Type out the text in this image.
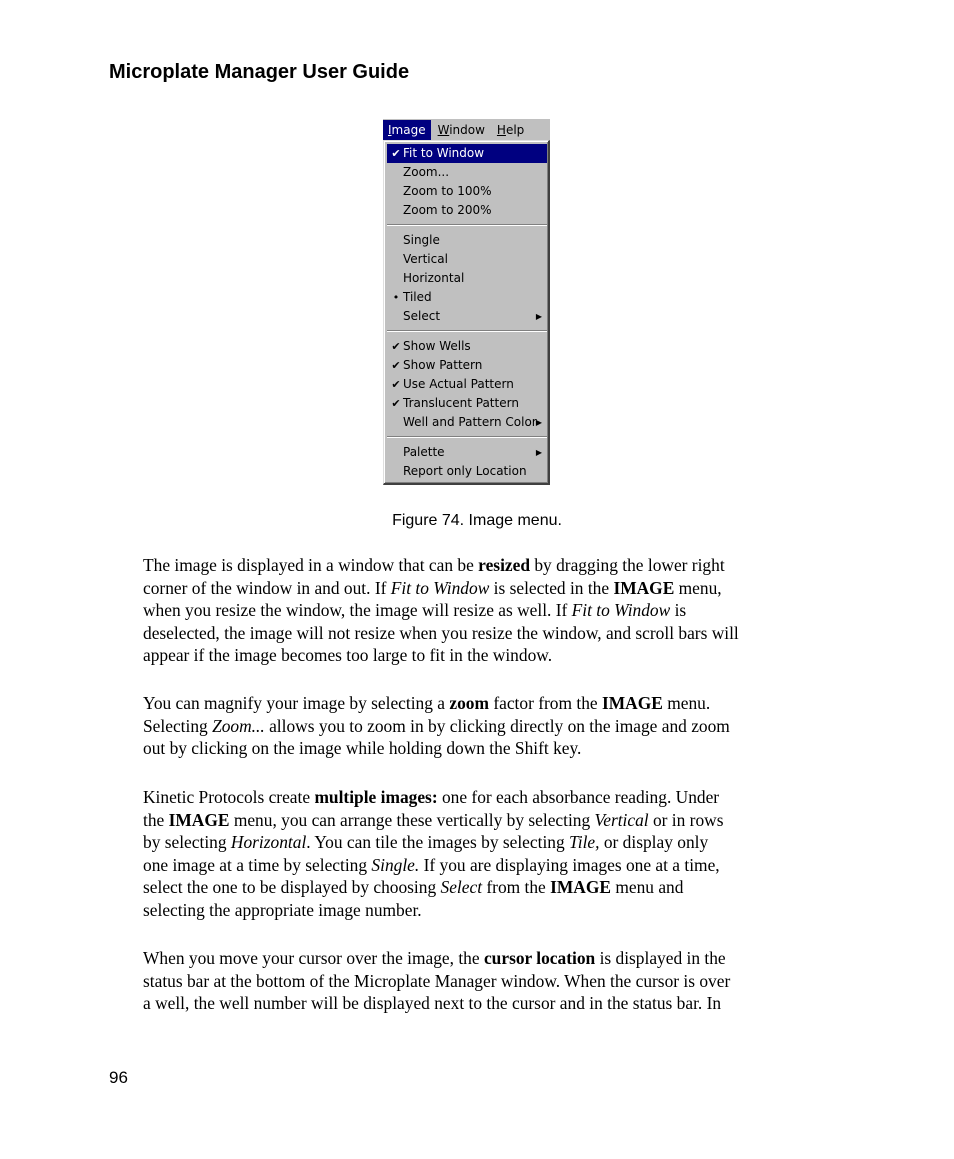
Microplate Manager User Guide
Image	Window	Help
✔ Fit to Window
Zoom...
Zoom to 100%
Zoom to 200%
Single
Vertical
Horizontal
• Tiled
Select	▶
✔ Show Wells
✔ Show Pattern
✔ Use Actual Pattern
✔ Translucent Pattern
Well and Pattern Color ▶
Palette	▶
Report only Location
Figure 74. Image menu.
The image is displayed in a window that can be resized by dragging the lower right
corner of the window in and out. If Fit to Window is selected in the IMAGE menu,
when you resize the window, the image will resize as well. If Fit to Window is
deselected, the image will not resize when you resize the window, and scroll bars will
appear if the image becomes too large to fit in the window.
You can magnify your image by selecting a zoom factor from the IMAGE menu.
Selecting Zoom... allows you to zoom in by clicking directly on the image and zoom
out by clicking on the image while holding down the Shift key.
Kinetic Protocols create multiple images: one for each absorbance reading. Under
the IMAGE menu, you can arrange these vertically by selecting Vertical or in rows
by selecting Horizontal. You can tile the images by selecting Tile, or display only
one image at a time by selecting Single. If you are displaying images one at a time,
select the one to be displayed by choosing Select from the IMAGE menu and
selecting the appropriate image number.
When you move your cursor over the image, the cursor location is displayed in the
status bar at the bottom of the Microplate Manager window. When the cursor is over
a well, the well number will be displayed next to the cursor and in the status bar. In
96
